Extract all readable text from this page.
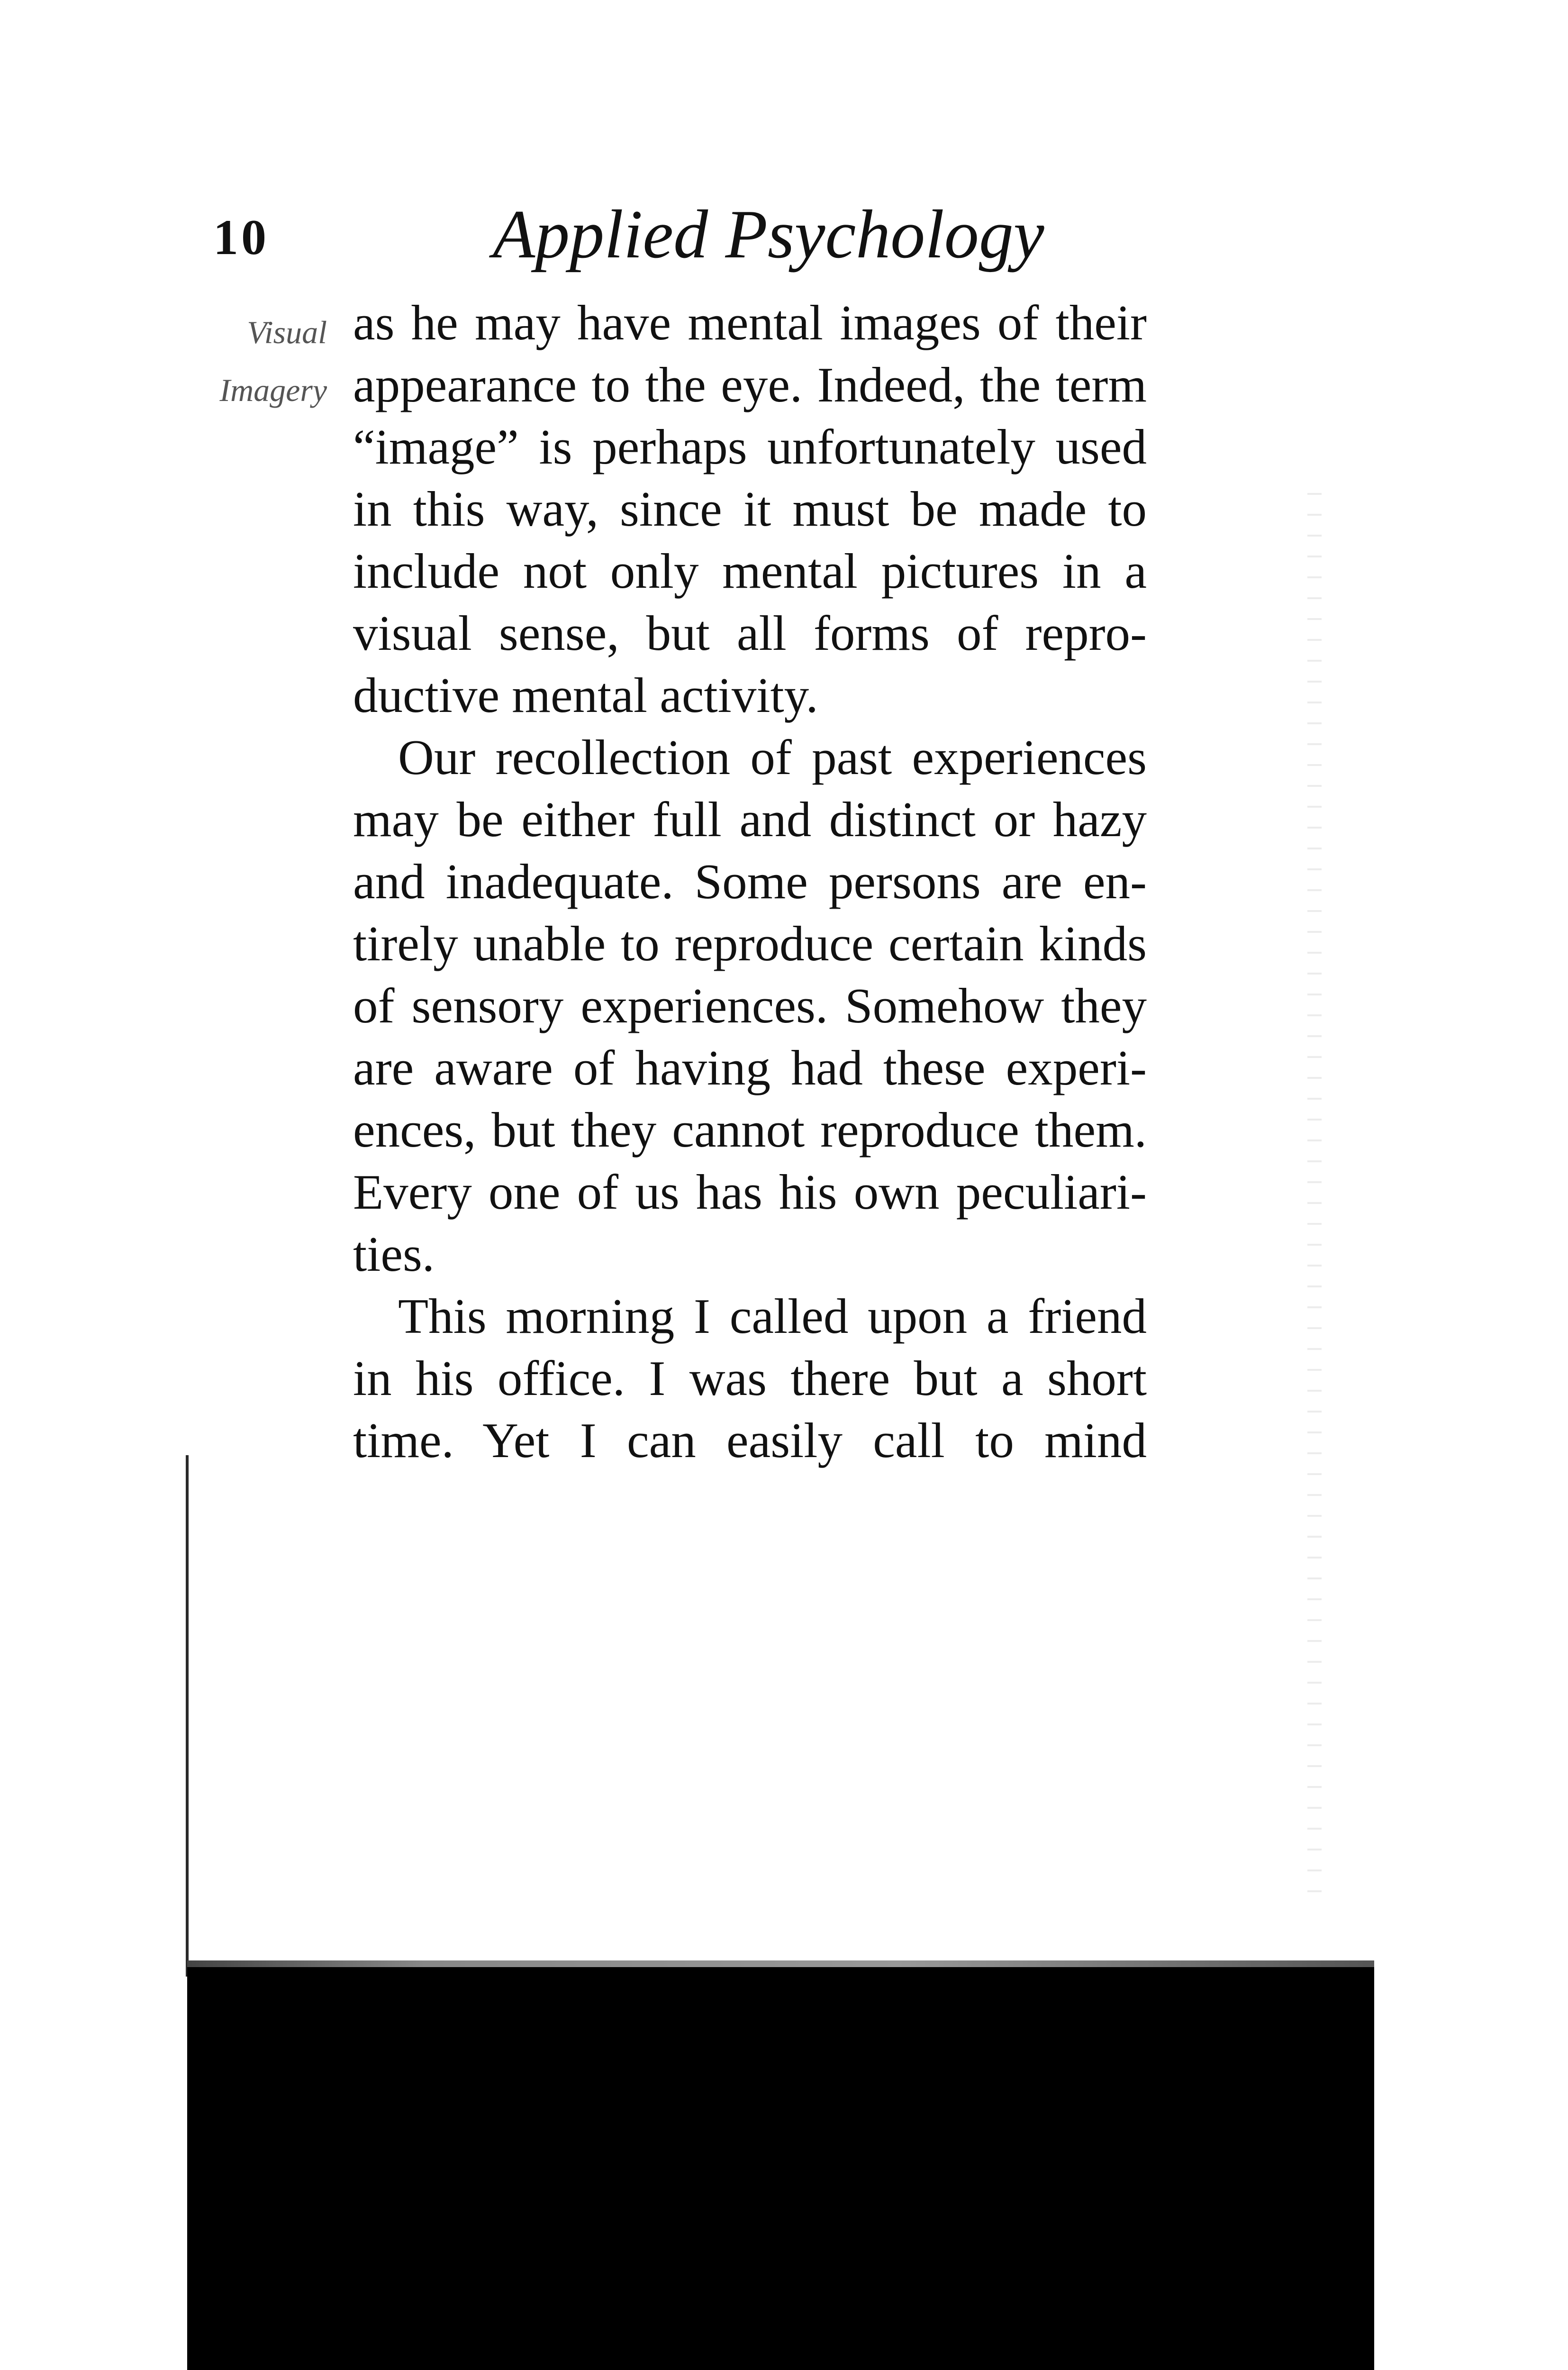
10	Applied Psychology
Visual
Imagery
as he may have mental images of their
appearance to the eye. Indeed, the term
“image” is perhaps unfortunately used
in this way, since it must be made to
include not only mental pictures in a
visual sense, but all forms of repro-
ductive mental activity.
Our recollection of past experiences
may be either full and distinct or hazy
and inadequate. Some persons are en-
tirely unable to reproduce certain kinds
of sensory experiences. Somehow they
are aware of having had these experi-
ences, but they cannot reproduce them.
Every one of us has his own peculiari-
ties.
This morning I called upon a friend
in his office. I was there but a short
time. Yet I can easily call to mind
